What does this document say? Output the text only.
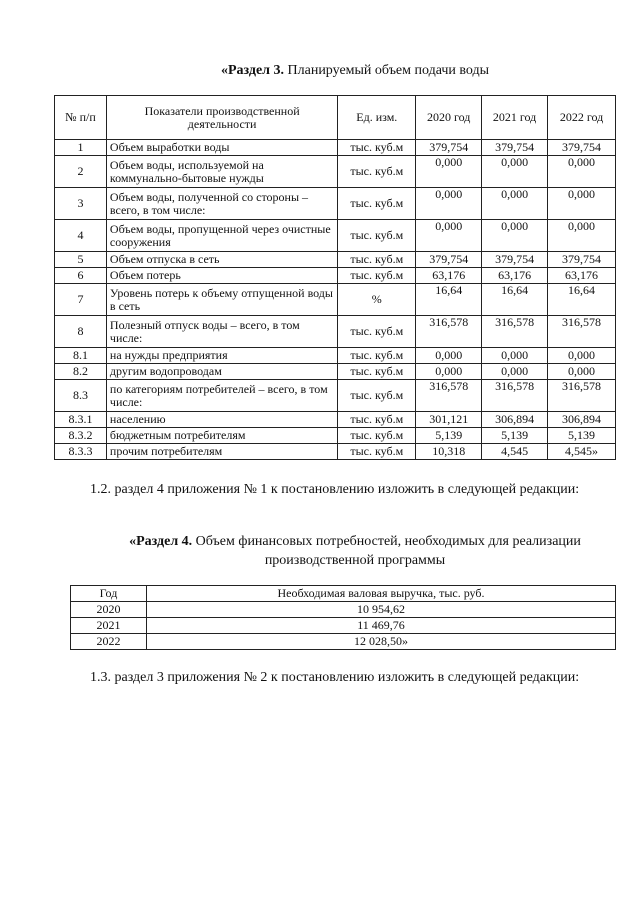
«Раздел 3. Планируемый объем подачи воды
№ п/п	Показатели производственной деятельности	Ед. изм.	2020 год	2021 год	2022 год
1	Объем выработки воды	тыс. куб.м	379,754	379,754	379,754
2	Объем воды, используемой на коммунально-бытовые нужды	тыс. куб.м	0,000	0,000	0,000
3	Объем воды, полученной со стороны – всего, в том числе:	тыс. куб.м	0,000	0,000	0,000
4	Объем воды, пропущенной через очистные сооружения	тыс. куб.м	0,000	0,000	0,000
5	Объем отпуска в сеть	тыс. куб.м	379,754	379,754	379,754
6	Объем потерь	тыс. куб.м	63,176	63,176	63,176
7	Уровень потерь к объему отпущенной воды в сеть	%	16,64	16,64	16,64
8	Полезный отпуск воды – всего, в том числе:	тыс. куб.м	316,578	316,578	316,578
8.1	на нужды предприятия	тыс. куб.м	0,000	0,000	0,000
8.2	другим водопроводам	тыс. куб.м	0,000	0,000	0,000
8.3	по категориям потребителей – всего, в том числе:	тыс. куб.м	316,578	316,578	316,578
8.3.1	населению	тыс. куб.м	301,121	306,894	306,894
8.3.2	бюджетным потребителям	тыс. куб.м	5,139	5,139	5,139
8.3.3	прочим потребителям	тыс. куб.м	10,318	4,545	4,545»
1.2. раздел 4 приложения № 1 к постановлению изложить в следующей редакции:
«Раздел 4. Объем финансовых потребностей, необходимых для реализации производственной программы
Год	Необходимая валовая выручка, тыс. руб.
2020	10 954,62
2021	11 469,76
2022	12 028,50»
1.3. раздел 3 приложения № 2 к постановлению изложить в следующей редакции:
